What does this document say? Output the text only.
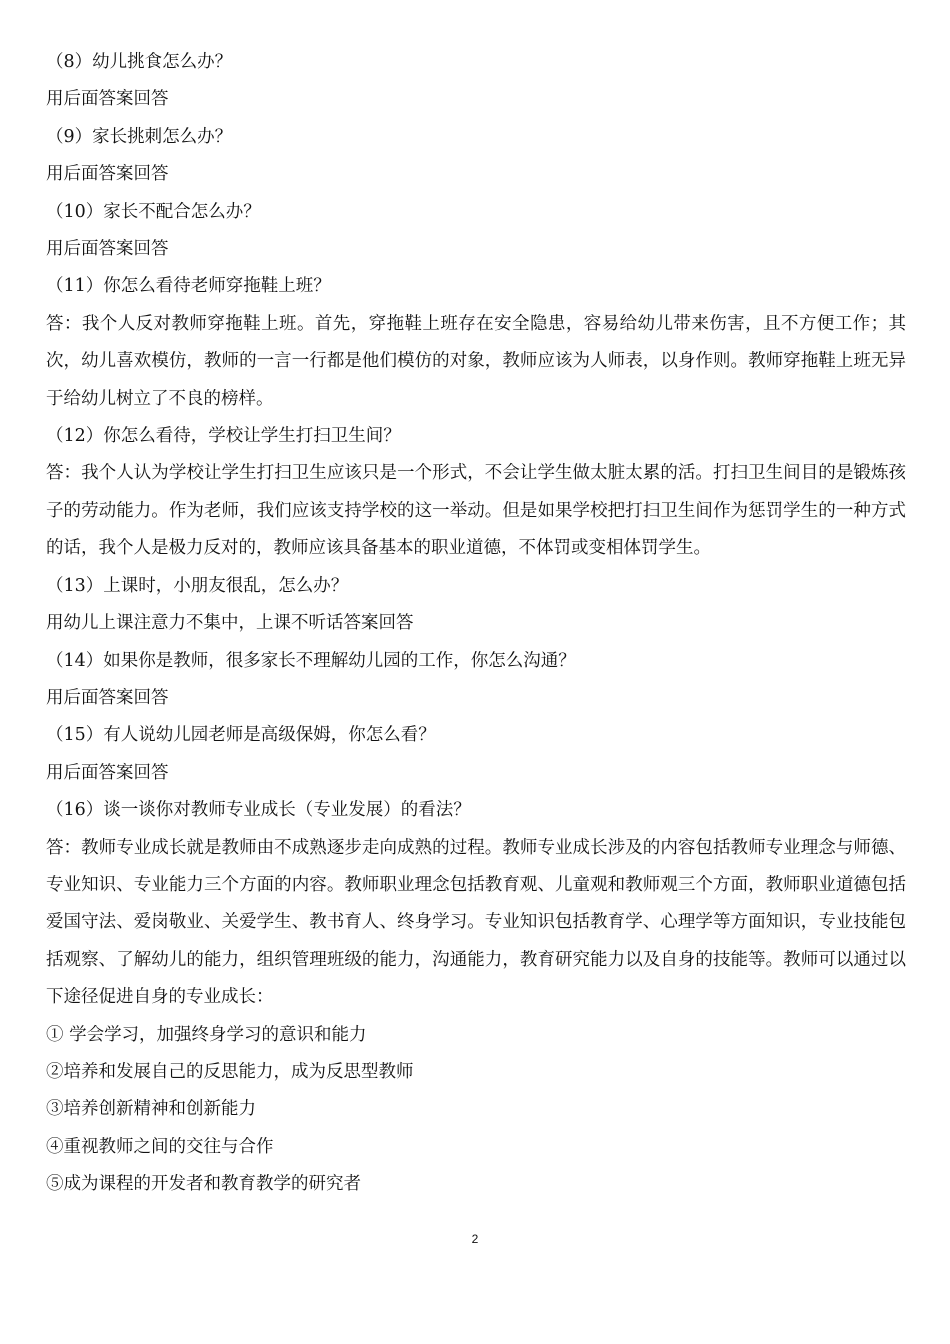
（8）幼儿挑食怎么办？

用后面答案回答

（9）家长挑刺怎么办？

用后面答案回答

（10）家长不配合怎么办？

用后面答案回答

（11）你怎么看待老师穿拖鞋上班？

答：我个人反对教师穿拖鞋上班。首先，穿拖鞋上班存在安全隐患，容易给幼儿带来伤害，且不方便工作；其次，幼儿喜欢模仿，教师的一言一行都是他们模仿的对象，教师应该为人师表，以身作则。教师穿拖鞋上班无异于给幼儿树立了不良的榜样。

（12）你怎么看待，学校让学生打扫卫生间？

答：我个人认为学校让学生打扫卫生应该只是一个形式，不会让学生做太脏太累的活。打扫卫生间目的是锻炼孩子的劳动能力。作为老师，我们应该支持学校的这一举动。但是如果学校把打扫卫生间作为惩罚学生的一种方式的话，我个人是极力反对的，教师应该具备基本的职业道德，不体罚或变相体罚学生。

（13）上课时，小朋友很乱，怎么办？

用幼儿上课注意力不集中，上课不听话答案回答

（14）如果你是教师，很多家长不理解幼儿园的工作，你怎么沟通？

用后面答案回答

（15）有人说幼儿园老师是高级保姆，你怎么看？

用后面答案回答

（16）谈一谈你对教师专业成长（专业发展）的看法？

答：教师专业成长就是教师由不成熟逐步走向成熟的过程。教师专业成长涉及的内容包括教师专业理念与师德、专业知识、专业能力三个方面的内容。教师职业理念包括教育观、儿童观和教师观三个方面，教师职业道德包括爱国守法、爱岗敬业、关爱学生、教书育人、终身学习。专业知识包括教育学、心理学等方面知识，专业技能包括观察、了解幼儿的能力，组织管理班级的能力，沟通能力，教育研究能力以及自身的技能等。教师可以通过以下途径促进自身的专业成长：

① 学会学习，加强终身学习的意识和能力
②培养和发展自己的反思能力，成为反思型教师
③培养创新精神和创新能力
④重视教师之间的交往与合作
⑤成为课程的开发者和教育教学的研究者
2
